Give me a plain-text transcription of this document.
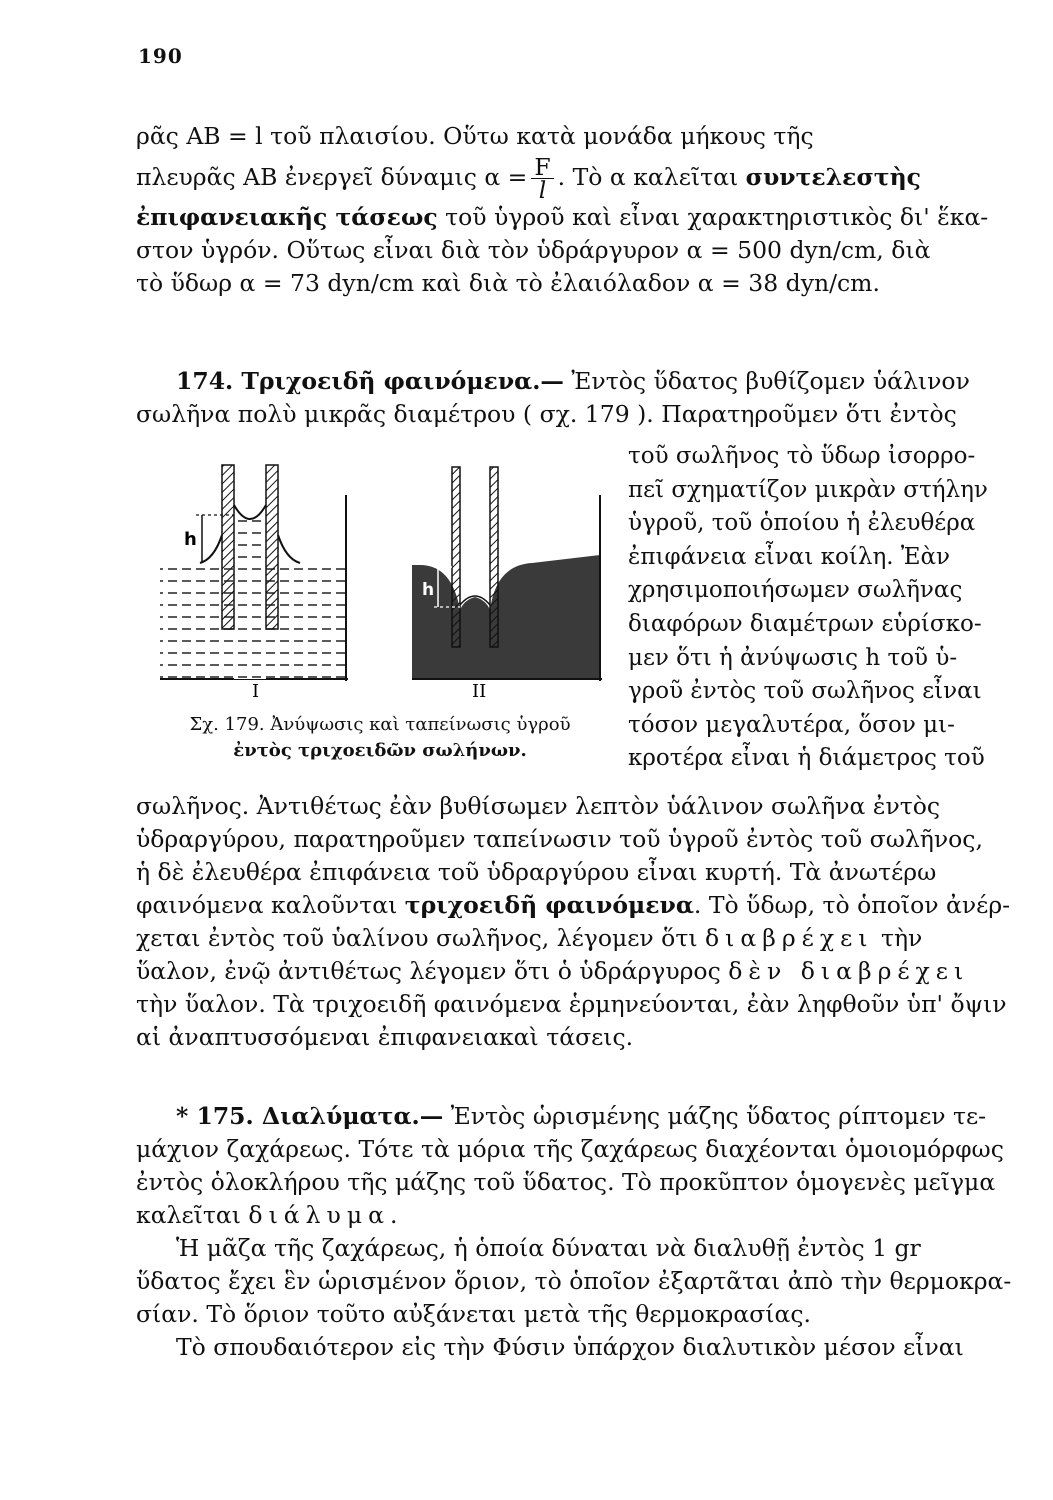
190
ρᾶς AB = l τοῦ πλαισίου. Οὕτω κατὰ μονάδα μήκους τῆς
πλευρᾶς AB ἐνεργεῖ δύναμις $\alpha = \frac{F}{l}$ . Τὸ α καλεῖται συντελεστὴς
ἐπιφανειακῆς τάσεως τοῦ ὑγροῦ καὶ εἶναι χαρακτηριστικὸς δι' ἕκα-
στον ὑγρόν. Οὕτως εἶναι διὰ τὸν ὑδράργυρον α = 500 dyn/cm, διὰ
τὸ ὕδωρ α = 73 dyn/cm καὶ διὰ τὸ ἐλαιόλαδον α = 38 dyn/cm.
174. Τριχοειδῆ φαινόμενα.— Ἐντὸς ὕδατος βυθίζομεν ὑάλινον
σωλῆνα πολὺ μικρᾶς διαμέτρου ( σχ. 179 ). Παρατηροῦμεν ὅτι ἐντὸς
h
I
h
II
Σχ. 179. Ἀνύψωσις καὶ ταπείνωσις ὑγροῦ
ἐντὸς τριχοειδῶν σωλήνων.
τοῦ σωλῆνος τὸ ὕδωρ ἰσορρο-
πεῖ σχηματίζον μικρὰν στήλην
ὑγροῦ, τοῦ ὁποίου ἡ ἐλευθέρα
ἐπιφάνεια εἶναι κοίλη. Ἐὰν
χρησιμοποιήσωμεν σωλῆνας
διαφόρων διαμέτρων εὑρίσκο-
μεν ὅτι ἡ ἀνύψωσις h τοῦ ὑ-
γροῦ ἐντὸς τοῦ σωλῆνος εἶναι
τόσον μεγαλυτέρα, ὅσον μι-
κροτέρα εἶναι ἡ διάμετρος τοῦ
σωλῆνος. Ἀντιθέτως ἐὰν βυθίσωμεν λεπτὸν ὑάλινον σωλῆνα ἐντὸς
ὑδραργύρου, παρατηροῦμεν ταπείνωσιν τοῦ ὑγροῦ ἐντὸς τοῦ σωλῆνος,
ἡ δὲ ἐλευθέρα ἐπιφάνεια τοῦ ὑδραργύρου εἶναι κυρτή. Τὰ ἀνωτέρω
φαινόμενα καλοῦνται τριχοειδῆ φαινόμενα. Τὸ ὕδωρ, τὸ ὁποῖον ἀνέρ-
χεται ἐντὸς τοῦ ὑαλίνου σωλῆνος, λέγομεν ὅτι διαβρέχει τὴν
ὕαλον, ἐνῷ ἀντιθέτως λέγομεν ὅτι ὁ ὑδράργυρος δὲν διαβρέχει
τὴν ὕαλον. Τὰ τριχοειδῆ φαινόμενα ἑρμηνεύονται, ἐὰν ληφθοῦν ὑπ' ὄψιν
αἱ ἀναπτυσσόμεναι ἐπιφανειακαὶ τάσεις.
* 175. Διαλύματα.— Ἐντὸς ὡρισμένης μάζης ὕδατος ρίπτομεν τε-
μάχιον ζαχάρεως. Τότε τὰ μόρια τῆς ζαχάρεως διαχέονται ὁμοιομόρφως
ἐντὸς ὁλοκλήρου τῆς μάζης τοῦ ὕδατος. Τὸ προκῦπτον ὁμογενὲς μεῖγμα
καλεῖται διάλυμα.
Ἡ μᾶζα τῆς ζαχάρεως, ἡ ὁποία δύναται νὰ διαλυθῇ ἐντὸς 1 gr
ὕδατος ἔχει ἓν ὡρισμένον ὅριον, τὸ ὁποῖον ἐξαρτᾶται ἀπὸ τὴν θερμοκρα-
σίαν. Τὸ ὅριον τοῦτο αὐξάνεται μετὰ τῆς θερμοκρασίας.
Τὸ σπουδαιότερον εἰς τὴν Φύσιν ὑπάρχον διαλυτικὸν μέσον εἶναι
